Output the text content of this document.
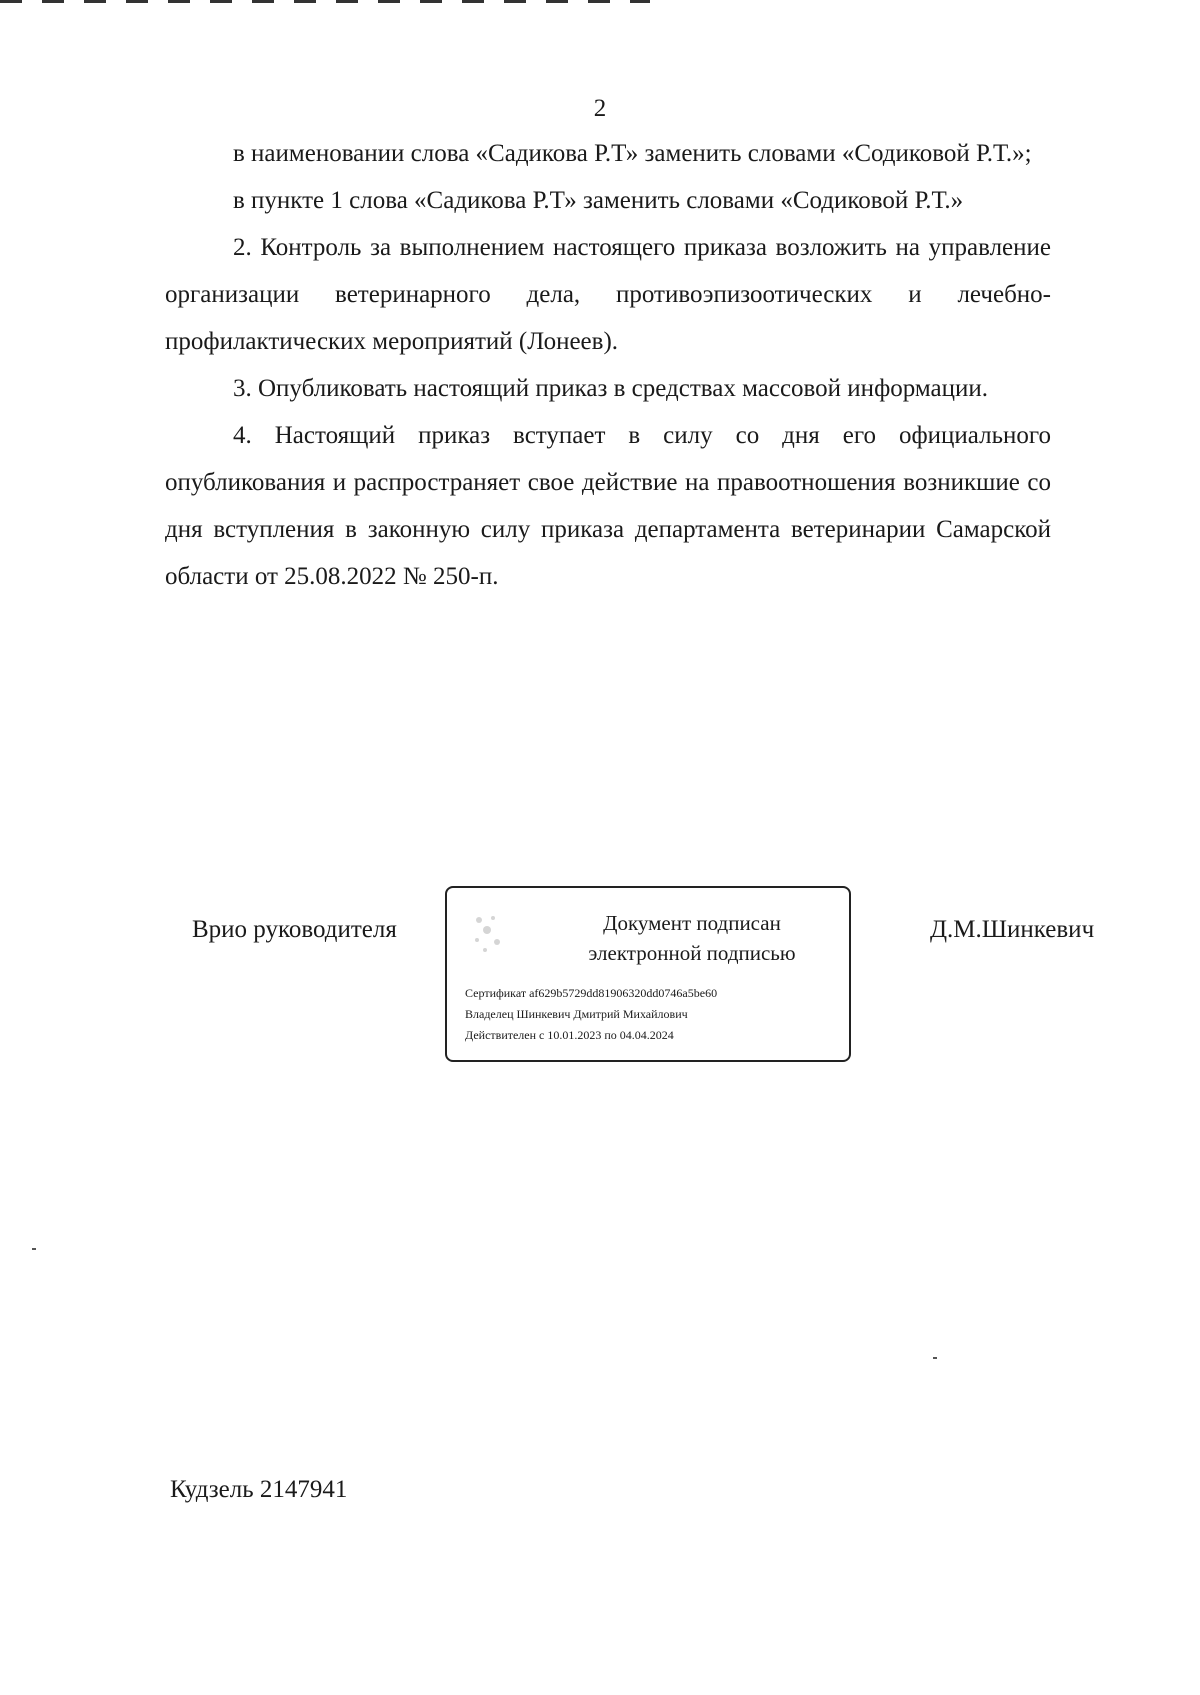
2

в наименовании слова «Садикова Р.Т» заменить словами «Содиковой Р.Т.»;

в пункте 1 слова «Садикова Р.Т» заменить словами «Содиковой Р.Т.»

2. Контроль за выполнением настоящего приказа возложить на управление организации ветеринарного дела, противоэпизоотических и лечебно-профилактических мероприятий (Лонеев).

3. Опубликовать настоящий приказ в средствах массовой информации.

4. Настоящий приказ вступает в силу со дня его официального опубликования и распространяет свое действие на правоотношения возникшие со дня вступления в законную силу приказа департамента ветеринарии Самарской области от 25.08.2022 № 250-п.

Врио руководителя	Документ подписан
электронной подписью
Сертификат af629b5729dd81906320dd0746a5be60
Владелец Шинкевич Дмитрий Михайлович
Действителен с 10.01.2023 по 04.04.2024
Д.М.Шинкевич
Кудзель 2147941
